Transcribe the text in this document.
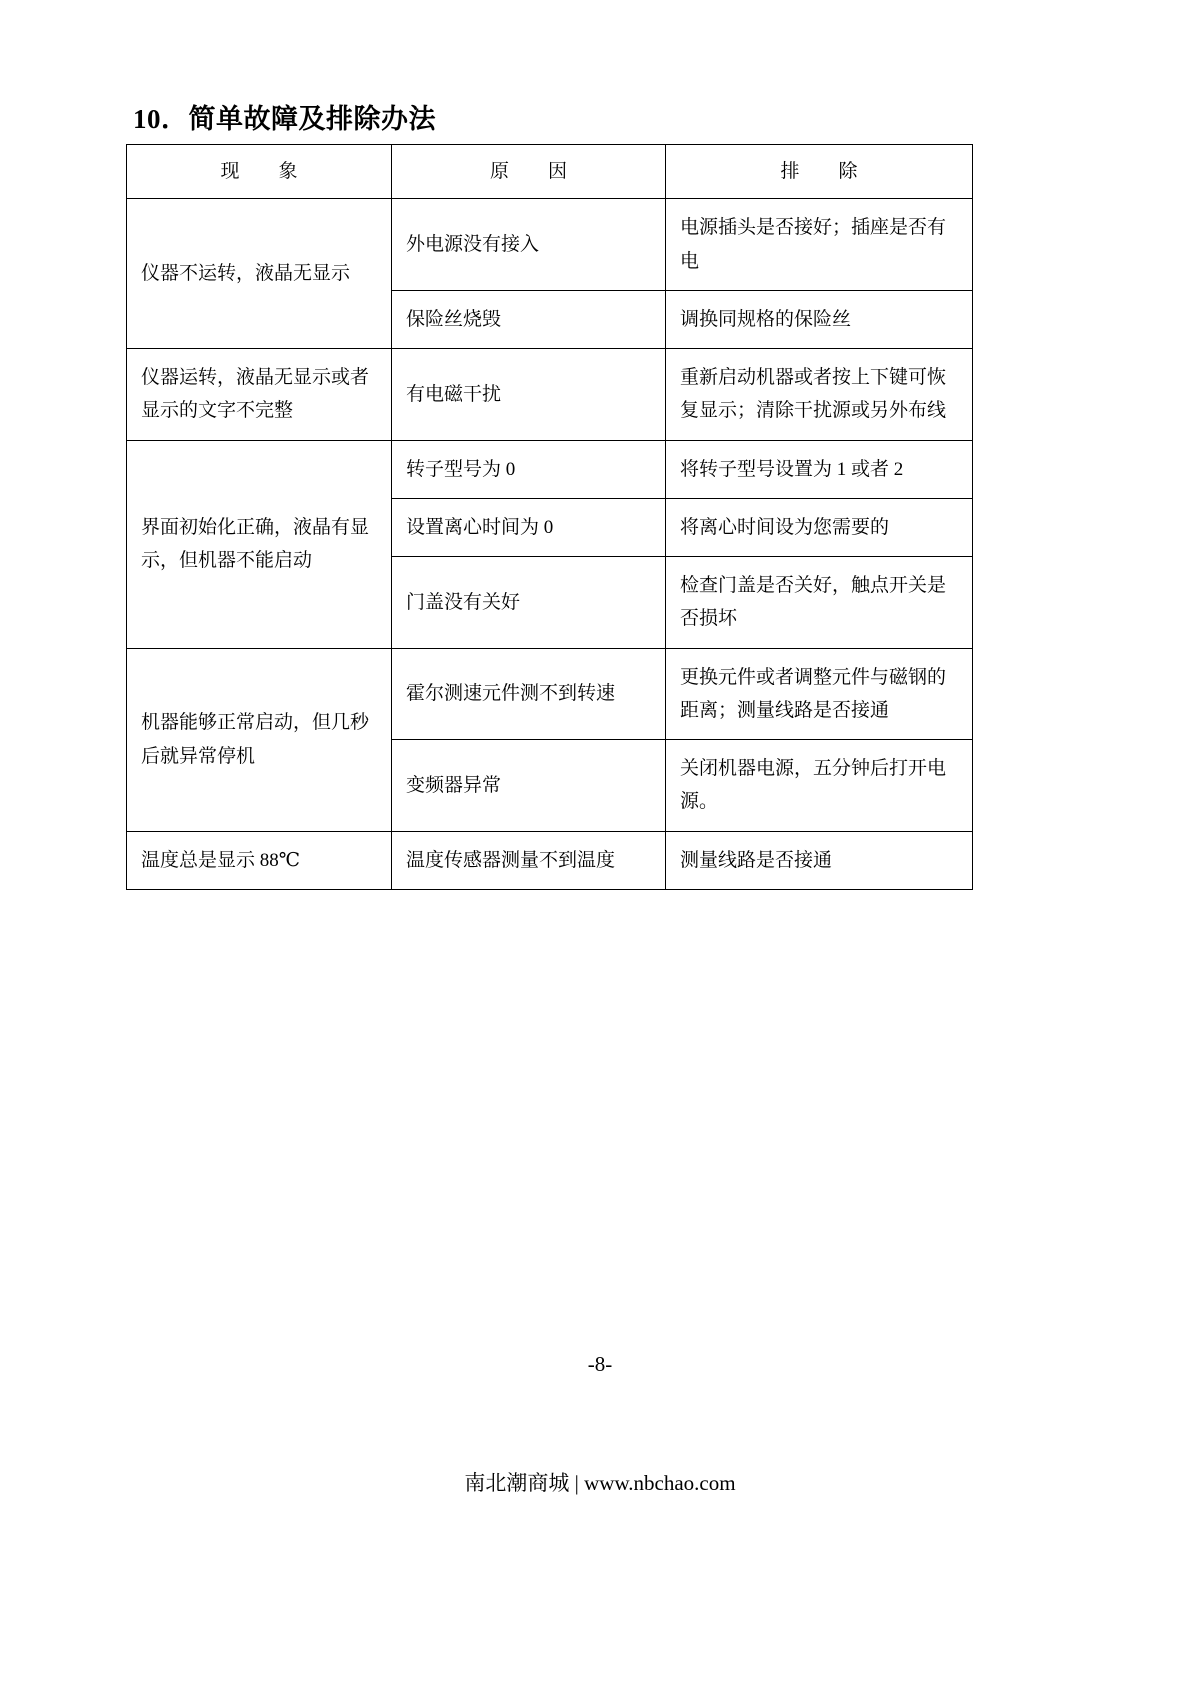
10．简单故障及排除办法
现　象	原　因	排　除
仪器不运转，液晶无显示	外电源没有接入	电源插头是否接好；插座是否有电
	保险丝烧毁	调换同规格的保险丝
仪器运转，液晶无显示或者显示的文字不完整	有电磁干扰	重新启动机器或者按上下键可恢复显示；清除干扰源或另外布线
界面初始化正确，液晶有显示，但机器不能启动	转子型号为 0	将转子型号设置为 1 或者 2
	设置离心时间为 0	将离心时间设为您需要的
	门盖没有关好	检查门盖是否关好，触点开关是否损坏
机器能够正常启动，但几秒后就异常停机	霍尔测速元件测不到转速	更换元件或者调整元件与磁钢的距离；测量线路是否接通
	变频器异常	关闭机器电源，五分钟后打开电源。
温度总是显示 88℃	温度传感器测量不到温度	测量线路是否接通
-8-
南北潮商城 | www.nbchao.com
